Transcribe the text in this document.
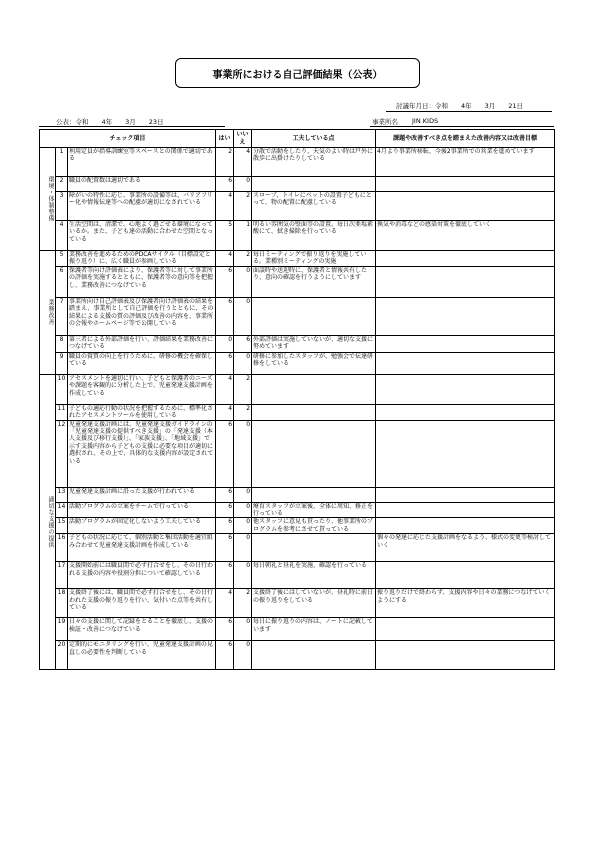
事業所における自己評価結果（公表）
討議年月日：令和　　4年　　3月　　21日
公表：令和　　4年　　3月　　23日	事業所名 JIN KIDS
チェック項目			はい	いいえ	工夫している点	課題や改善すべき点を踏まえた改善内容又は改善目標
環境・体制整備	1	利用定員が指導訓練室等スペースとの関係で適切である	2	4	分散で活動をしたり、天気のよい時は戸外に散歩に出掛けたりしている	4月より事業所移転、今後2事業所での営業を進めています
	2	職員の配置数は適切である	6	0		
	3	障がいの特性に応じ、事業所の設備等は、バリアフリー化や情報伝達等への配慮が適切になされている	4	2	スロープ、トイレにベットの設置子どもにとって、物の配置に配慮している	
	4	生活空間は、清潔で、心地よく過ごせる環境になっているか。また、子ども達の活動に合わせた空間となっている	5	1	明るい雰囲気の壁面等の設置。毎日次亜塩素酸にて、拭き掃除を行っている	換気や消毒などの感染対策を徹底していく
業務改善	5	業務改善を進めるためのPDCAサイクル（目標設定と振り返り）に、広く職員が参画している	4	2	毎日ミーティングで振り返りを実施している。業種別ミーティングの実施	
	6	保護者等向け評価表により、保護者等に対して事業所の評価を実施するとともに、保護者等の意向等を把握し、業務改善につなげている	6	0	面談時や送迎時に、保護者と情報共有したり、意向の確認を行うようにしています	
	7	事業所向け自己評価表及び保護者向け評価表の結果を踏まえ、事業所として自己評価を行うとともに、その結果による支援の質の評価及び改善の内容を、事業所の会報やホームページ等で公開している	6	0		
	8	第三者による外部評価を行い、評価結果を業務改善につなげている	0	6	外部評価は実施していないが、適切な支援に努めています	
	9	職員の資質の向上を行うために、研修の機会を確保している	6	0	研修に参加したスタッフが、勉強会で伝達研修をしている	
適切な支援の提供	10	アセスメントを適切に行い、子どもと保護者のニーズや課題を客観的に分析した上で、児童発達支援計画を作成している	4	2		
	11	子どもの適応行動の状況を把握するために、標準化されたアセスメントツールを使用している	4	2		
	12	児童発達支援計画には、児童発達支援ガイドラインの「児童発達支援の提供すべき支援」の「発達支援（本人支援及び移行支援）」、「家族支援」、「地域支援」で示す支援内容から子どもの支援に必要な項目が適切に選択され、その上で、具体的な支援内容が設定されている	6	0		
	13	児童発達支援計画に沿った支援が行われている	6	0		
	14	活動プログラムの立案をチームで行っている	6	0	療育スタッフが立案後、全体に周知、修正を行っている	
	15	活動プログラムが固定化しないよう工夫している	6	0	他スタッフに意見も貰ったり、他事業所のプログラムを参考にさせて貰っている	
	16	子どもの状況に応じて、個別活動と集団活動を適宜組み合わせて児童発達支援計画を作成している	6	0		個々の発達に応じた支援計画をなるよう、様式の変更等検討していく
	17	支援開始前には職員間で必ず打合せをし、その日行われる支援の内容や役割分担について確認している	6	0	毎日朝礼と昼礼を実施、確認を行っている	
	18	支援終了後には、職員間で必ず打合せをし、その日行われた支援の振り返りを行い、気付いた点等を共有している	4	2	支援終了後にはしていないが、昼礼時に前日の振り返りをしている	振り返りだけで終わらず、支援内容や日々の業務につなげていくようにする
	19	日々の支援に関して記録をとることを徹底し、支援の検証・改善につなげている	6	0	毎日に振り返りの内容は、ノートに記載しています	
	20	定期的にモニタリングを行い、児童発達支援計画の見直しの必要性を判断している	6	0		
